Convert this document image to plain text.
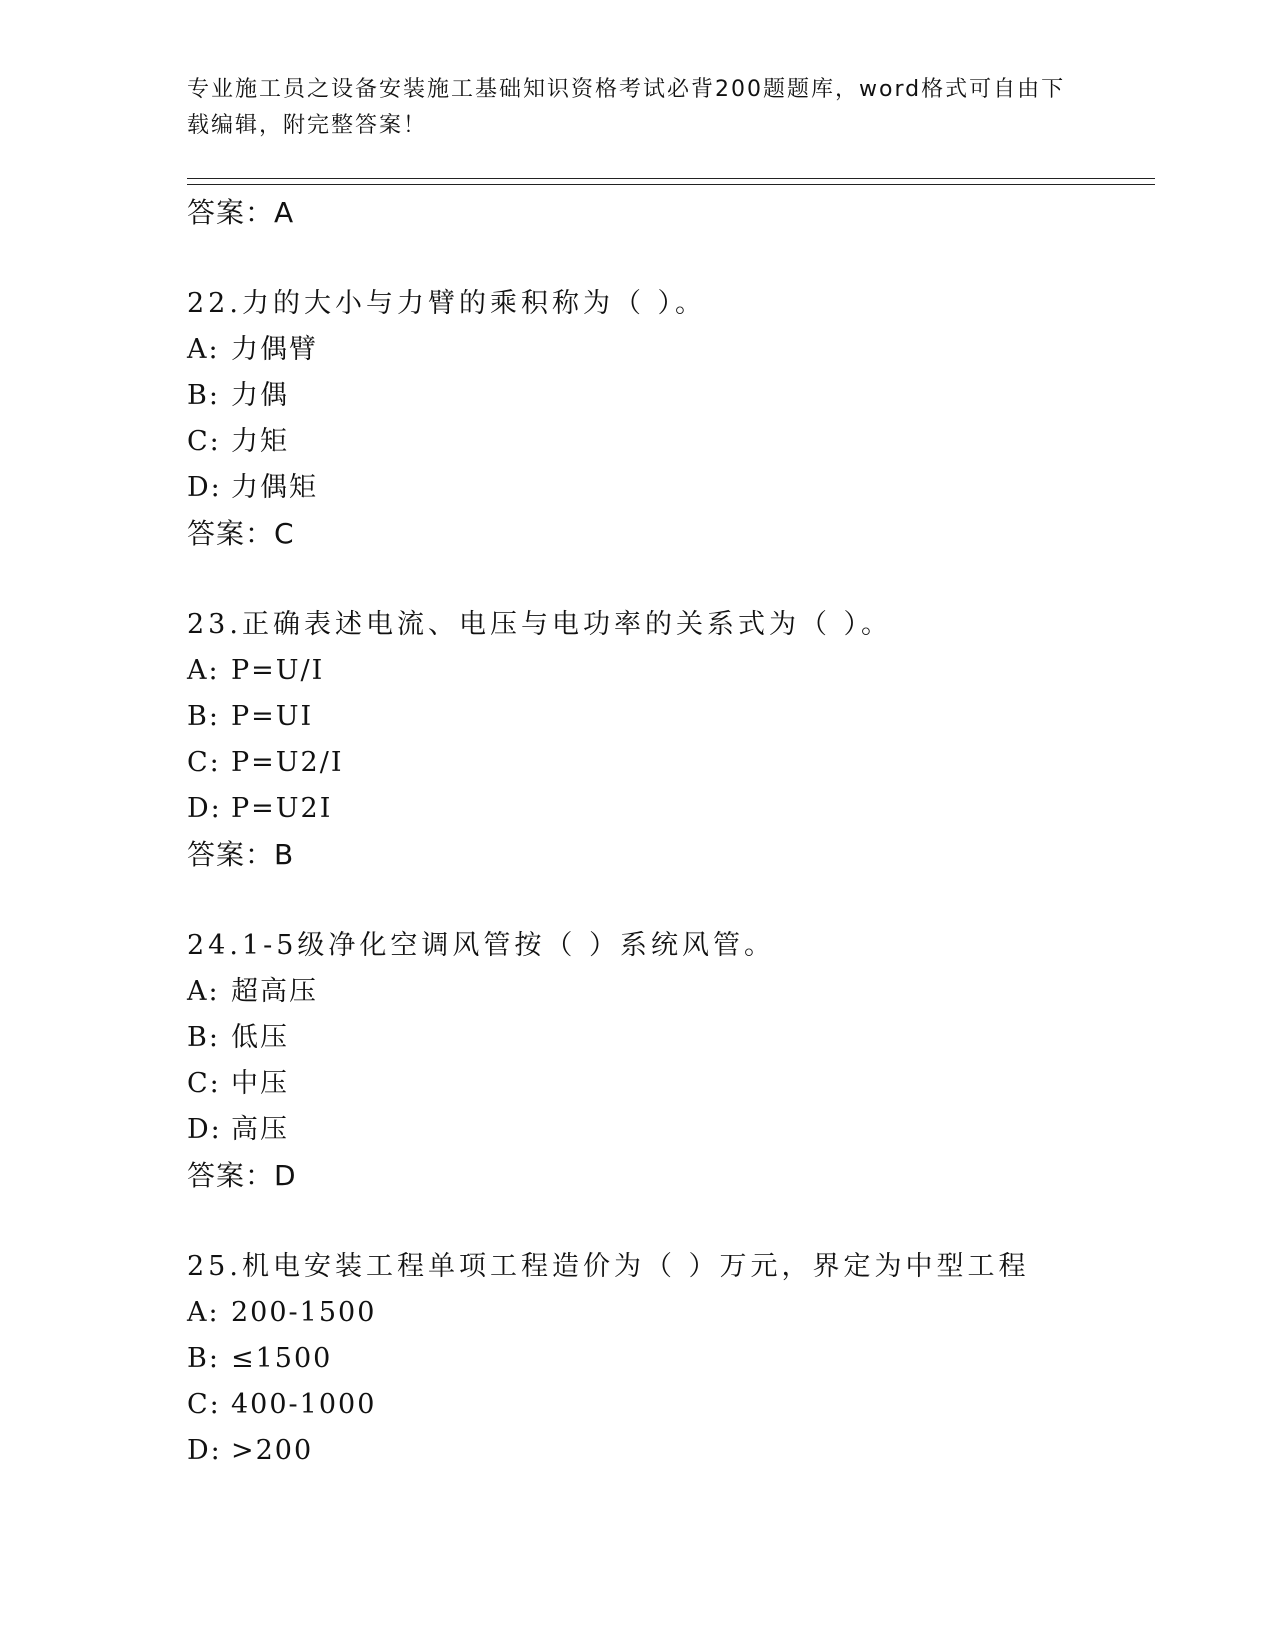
专业施工员之设备安装施工基础知识资格考试必背200题题库，word格式可自由下载编辑，附完整答案！
答案：A
22.力的大小与力臂的乘积称为（ ）。
A: 力偶臂
B: 力偶
C: 力矩
D: 力偶矩
答案：C
23.正确表述电流、电压与电功率的关系式为（ ）。
A: P=U/I
B: P=UI
C: P=U2/I
D: P=U2I
答案：B
24.1-5级净化空调风管按（ ）系统风管。
A: 超高压
B: 低压
C: 中压
D: 高压
答案：D
25.机电安装工程单项工程造价为（ ）万元，界定为中型工程
A: 200-1500
B: ≤1500
C: 400-1000
D: >200
